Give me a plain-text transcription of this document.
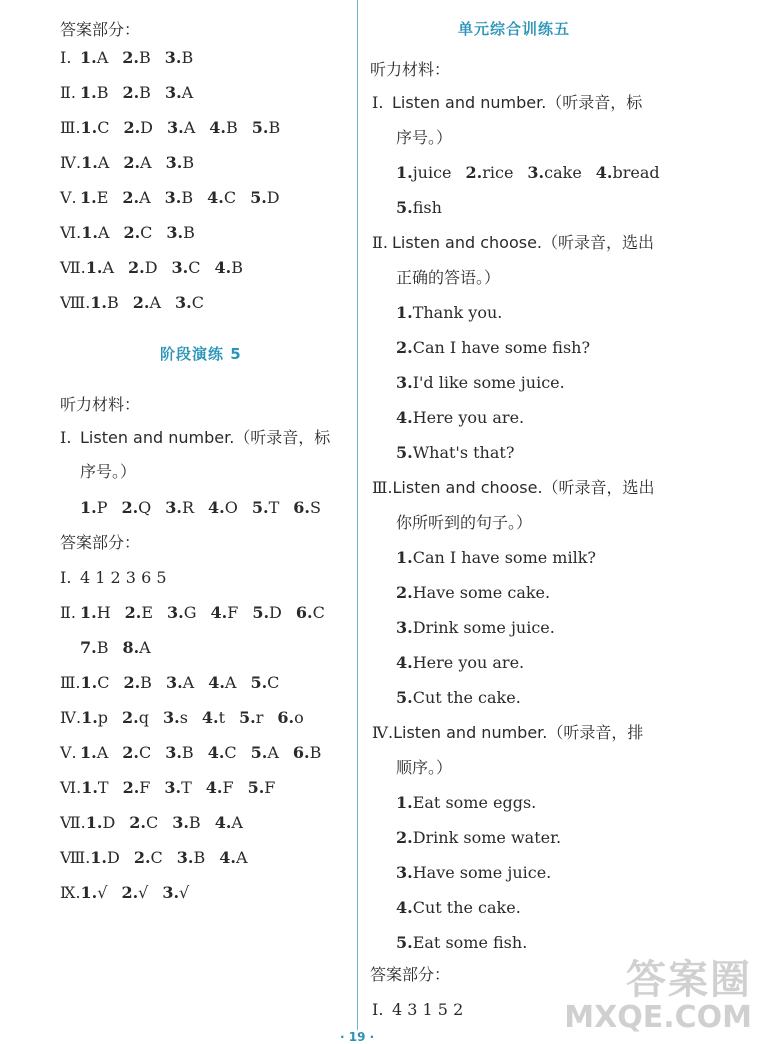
答案部分：
Ⅰ. 1.A 2.B 3.B
Ⅱ. 1.B 2.B 3.A
Ⅲ.1.C 2.D 3.A 4.B 5.B
Ⅳ.1.A 2.A 3.B
Ⅴ. 1.E 2.A 3.B 4.C 5.D
Ⅵ.1.A 2.C 3.B
Ⅶ.1.A 2.D 3.C 4.B
Ⅷ.1.B 2.A 3.C
阶段演练 5
听力材料：
Ⅰ. Listen and number.（听录音，标
序号。）
1.P 2.Q 3.R 4.O 5.T 6.S
答案部分：
Ⅰ. 4 1 2 3 6 5
Ⅱ. 1.H 2.E 3.G 4.F 5.D 6.C
7.B 8.A
Ⅲ.1.C 2.B 3.A 4.A 5.C
Ⅳ.1.p 2.q 3.s 4.t 5.r 6.o
Ⅴ. 1.A 2.C 3.B 4.C 5.A 6.B
Ⅵ.1.T 2.F 3.T 4.F 5.F
Ⅶ.1.D 2.C 3.B 4.A
Ⅷ.1.D 2.C 3.B 4.A
Ⅸ.1.√ 2.√ 3.√
单元综合训练五
听力材料：
Ⅰ. Listen and number.（听录音，标
序号。）
1.juice 2.rice 3.cake 4.bread
5.fish
Ⅱ. Listen and choose.（听录音，选出
正确的答语。）
1.Thank you.
2.Can I have some fish?
3.I'd like some juice.
4.Here you are.
5.What's that?
Ⅲ.Listen and choose.（听录音，选出
你所听到的句子。）
1.Can I have some milk?
2.Have some cake.
3.Drink some juice.
4.Here you are.
5.Cut the cake.
Ⅳ.Listen and number.（听录音，排
顺序。）
1.Eat some eggs.
2.Drink some water.
3.Have some juice.
4.Cut the cake.
5.Eat some fish.
答案部分：
Ⅰ. 4 3 1 5 2
· 19 ·
答案圈
MXQE.COM
